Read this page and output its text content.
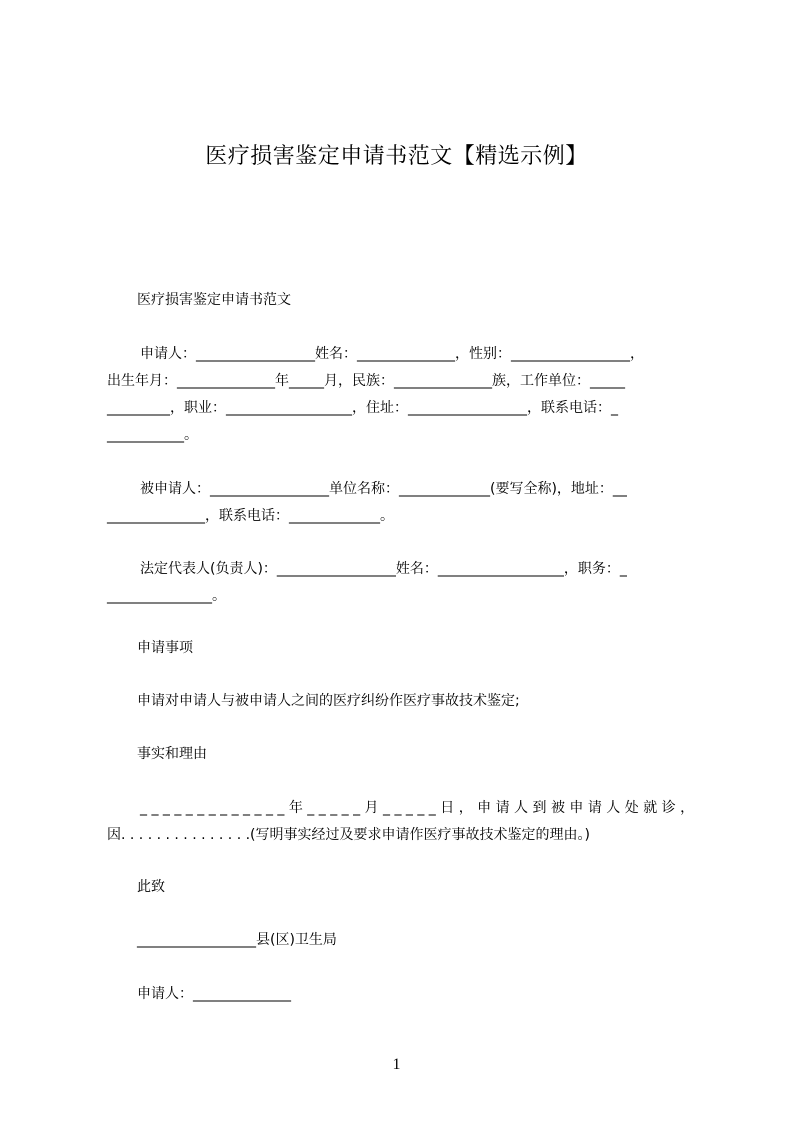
医疗损害鉴定申请书范文【精选示例】
医疗损害鉴定申请书范文
申请人：_________________姓名：______________，性别：_________________，
出生年月：______________年_____月，民族：______________族，工作单位：_____
_________，职业：__________________，住址：_________________，联系电话：_
___________。
被申请人：_________________单位名称：_____________(要写全称)，地址：__
______________，联系电话：_____________。
法定代表人(负责人)：_________________姓名：__________________，职务：_
_______________。
申请事项
申请对申请人与被申请人之间的医疗纠纷作医疗事故技术鉴定;
事实和理由
_ _ _ _ _ _ _ _ _ _ _ _ _ 年 _ _ _ _ _ 月 _ _ _ _ _ 日 ， 申 请 人 到 被 申 请 人 处 就 诊 ，
因. . . . . . . . . . . . . . .(写明事实经过及要求申请作医疗事故技术鉴定的理由。)
此致
_________________县(区)卫生局
申请人：______________
1
